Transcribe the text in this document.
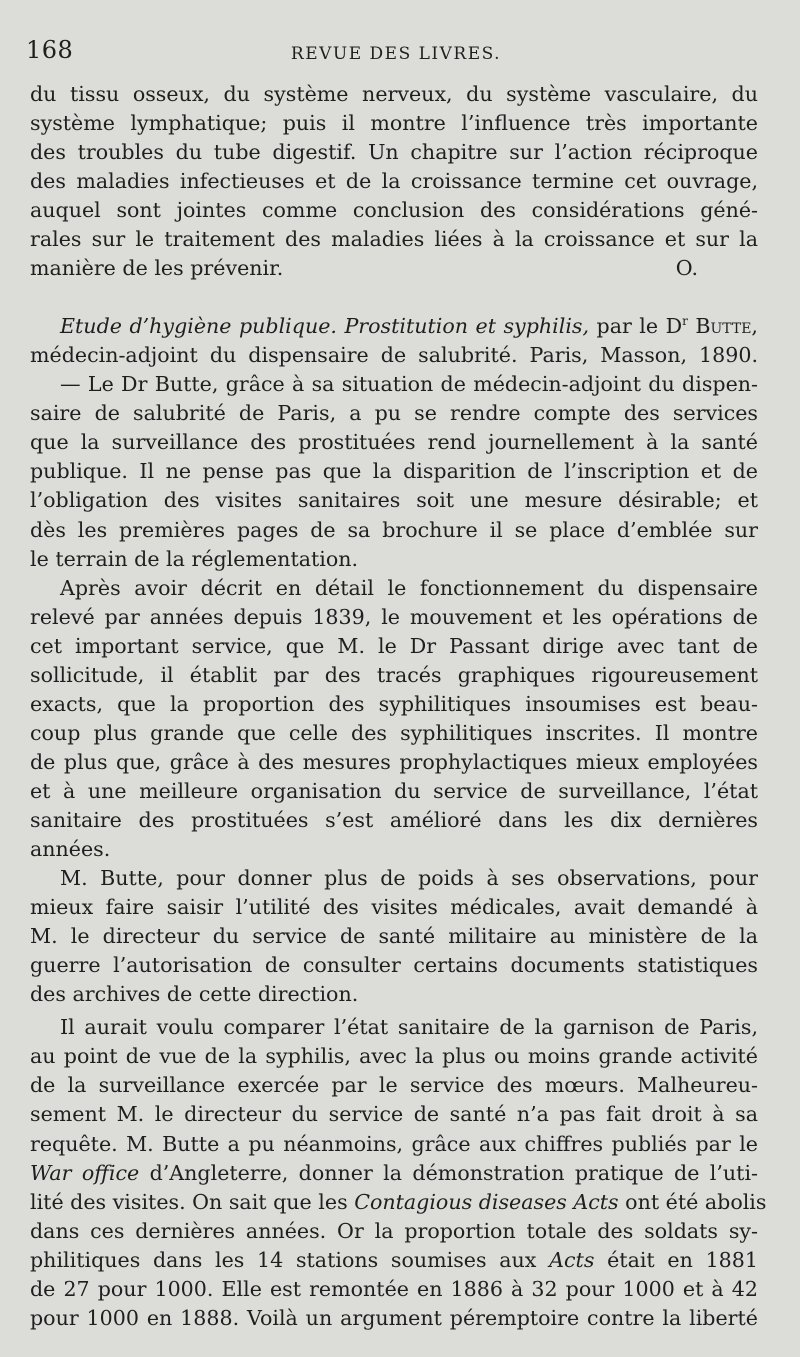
168	REVUE DES LIVRES.
du tissu osseux, du système nerveux, du système vasculaire, du
système lymphatique; puis il montre l’influence très importante
des troubles du tube digestif. Un chapitre sur l’action réciproque
des maladies infectieuses et de la croissance termine cet ouvrage,
auquel sont jointes comme conclusion des considérations géné-
rales sur le traitement des maladies liées à la croissance et sur la
manière de les prévenir.	O.
Etude d’hygiène publique. Prostitution et syphilis, par le $D^r$ Butte,
médecin-adjoint du dispensaire de salubrité. Paris, Masson, 1890.
— Le Dr Butte, grâce à sa situation de médecin-adjoint du dispen-
saire de salubrité de Paris, a pu se rendre compte des services
que la surveillance des prostituées rend journellement à la santé
publique. Il ne pense pas que la disparition de l’inscription et de
l’obligation des visites sanitaires soit une mesure désirable; et
dès les premières pages de sa brochure il se place d’emblée sur
le terrain de la réglementation.
Après avoir décrit en détail le fonctionnement du dispensaire
relevé par années depuis 1839, le mouvement et les opérations de
cet important service, que M. le Dr Passant dirige avec tant de
sollicitude, il établit par des tracés graphiques rigoureusement
exacts, que la proportion des syphilitiques insoumises est beau-
coup plus grande que celle des syphilitiques inscrites. Il montre
de plus que, grâce à des mesures prophylactiques mieux employées
et à une meilleure organisation du service de surveillance, l’état
sanitaire des prostituées s’est amélioré dans les dix dernières
années.
M. Butte, pour donner plus de poids à ses observations, pour
mieux faire saisir l’utilité des visites médicales, avait demandé à
M. le directeur du service de santé militaire au ministère de la
guerre l’autorisation de consulter certains documents statistiques
des archives de cette direction.
Il aurait voulu comparer l’état sanitaire de la garnison de Paris,
au point de vue de la syphilis, avec la plus ou moins grande activité
de la surveillance exercée par le service des mœurs. Malheureu-
sement M. le directeur du service de santé n’a pas fait droit à sa
requête. M. Butte a pu néanmoins, grâce aux chiffres publiés par le
War office d’Angleterre, donner la démonstration pratique de l’uti-
lité des visites. On sait que les Contagious diseases Acts ont été abolis
dans ces dernières années. Or la proportion totale des soldats sy-
philitiques dans les 14 stations soumises aux Acts était en 1881
de 27 pour 1000. Elle est remontée en 1886 à 32 pour 1000 et à 42
pour 1000 en 1888. Voilà un argument péremptoire contre la liberté
